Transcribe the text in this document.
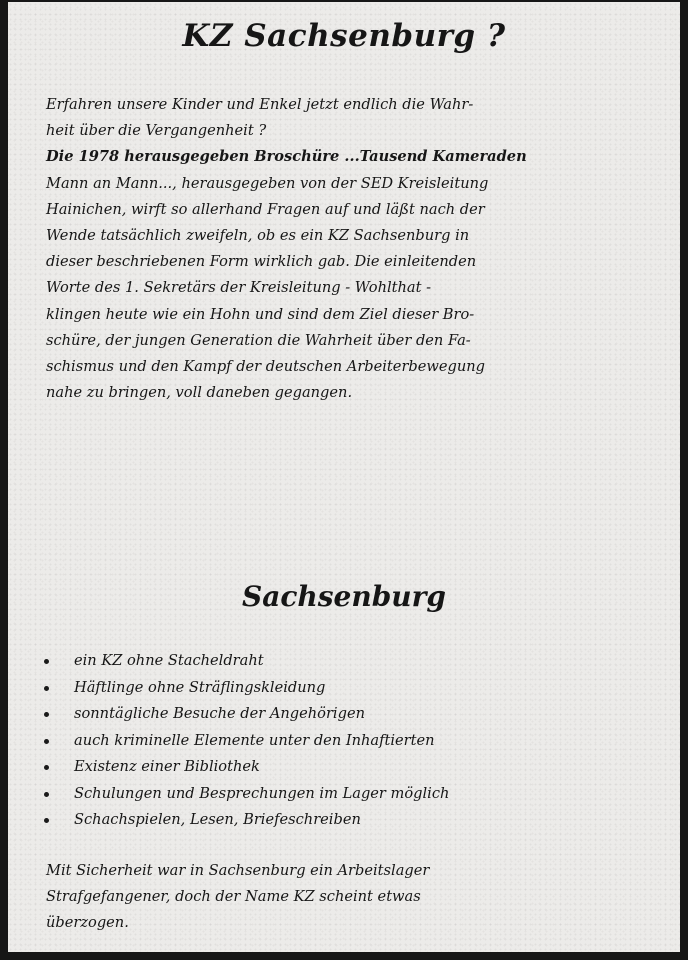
KZ Sachsenburg ?

Erfahren unsere Kinder und Enkel jetzt endlich die Wahr-
heit über die Vergangenheit ?
Die 1978 herausgegeben Broschüre ...Tausend Kameraden
Mann an Mann..., herausgegeben von der SED Kreisleitung
Hainichen, wirft so allerhand Fragen auf und läßt nach der
Wende tatsächlich zweifeln, ob es ein KZ Sachsenburg in
dieser beschriebenen Form wirklich gab. Die einleitenden
Worte des 1. Sekretärs der Kreisleitung - Wohlthat -
klingen heute wie ein Hohn und sind dem Ziel dieser Bro-
schüre, der jungen Generation die Wahrheit über den Fa-
schismus und den Kampf der deutschen Arbeiterbewegung
nahe zu bringen, voll daneben gegangen.

Sachsenburg
ein KZ ohne Stacheldraht
Häftlinge ohne Sträflingskleidung
sonntägliche Besuche der Angehörigen
auch kriminelle Elemente unter den Inhaftierten
Existenz einer Bibliothek
Schulungen und Besprechungen im Lager möglich
Schachspielen, Lesen, Briefeschreiben

Mit Sicherheit war in Sachsenburg ein Arbeitslager
Strafgefangener, doch der Name KZ scheint etwas
überzogen.
